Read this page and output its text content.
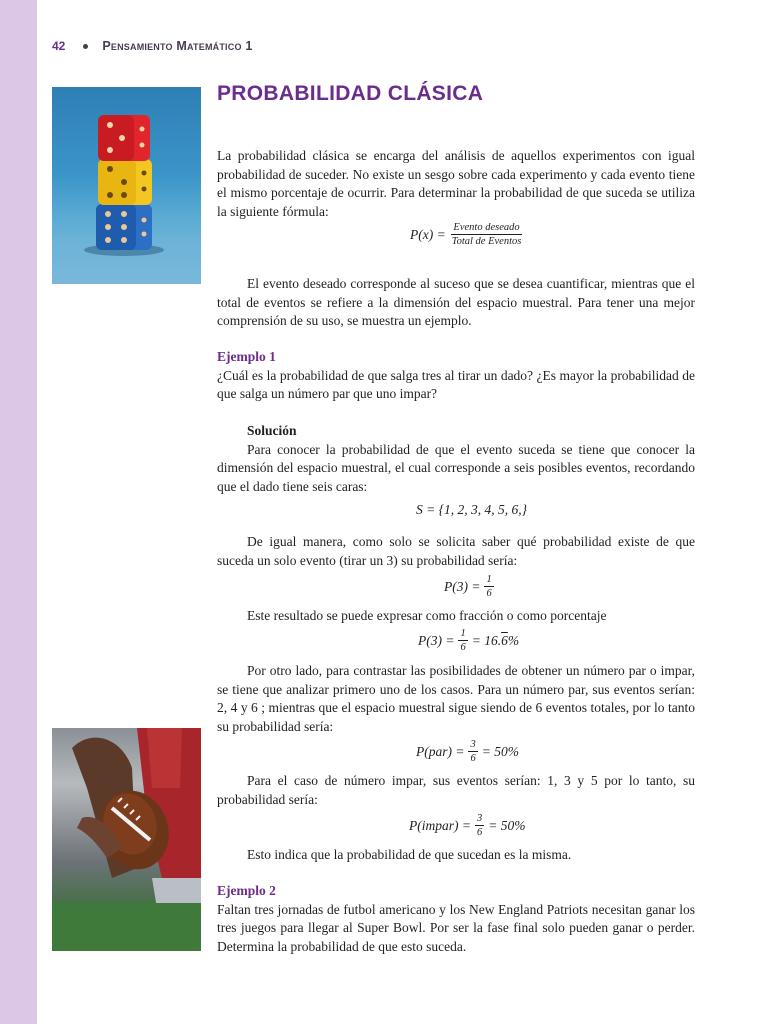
42	Pensamiento Matemático 1
PROBABILIDAD CLÁSICA
La probabilidad clásica se encarga del análisis de aquellos experimentos con igual probabilidad de suceder. No existe un sesgo sobre cada experimento y cada evento tiene el mismo porcentaje de ocurrir. Para determinar la probabilidad de que suceda se utiliza la siguiente fórmula:
$P(x) = \frac{\text{Evento deseado}}{\text{Total de Eventos}}$
El evento deseado corresponde al suceso que se desea cuantificar, mientras que el total de eventos se refiere a la dimensión del espacio muestral. Para tener una mejor comprensión de su uso, se muestra un ejemplo.
Ejemplo 1
¿Cuál es la probabilidad de que salga tres al tirar un dado? ¿Es mayor la probabilidad de que salga un número par que uno impar?
Solución
Para conocer la probabilidad de que el evento suceda se tiene que conocer la dimensión del espacio muestral, el cual corresponde a seis posibles eventos, recordando que el dado tiene seis caras:
S = {1, 2, 3, 4, 5, 6,}
De igual manera, como solo se solicita saber qué probabilidad existe de que suceda un solo evento (tirar un 3) su probabilidad sería:
$P(3) = \frac{1}{6}$
Este resultado se puede expresar como fracción o como porcentaje
$P(3) = \frac{1}{6} = 16$. 6 %
Por otro lado, para contrastar las posibilidades de obtener un número par o impar, se tiene que analizar primero uno de los casos. Para un número par, sus eventos serían: 2, 4 y 6 ; mientras que el espacio muestral sigue siendo de 6 eventos totales, por lo tanto su probabilidad sería:
$P(par) = \frac{3}{6} = 50\%$
Para el caso de número impar, sus eventos serían: 1, 3 y 5 por lo tanto, su probabilidad sería:
P(impar) = $\frac{3}{6} = 50\%$
Esto indica que la probabilidad de que sucedan es la misma.
Ejemplo 2
Faltan tres jornadas de futbol americano y los New England Patriots necesitan ganar los tres juegos para llegar al Super Bowl. Por ser la fase final solo pueden ganar o perder. Determina la probabilidad de que esto suceda.
